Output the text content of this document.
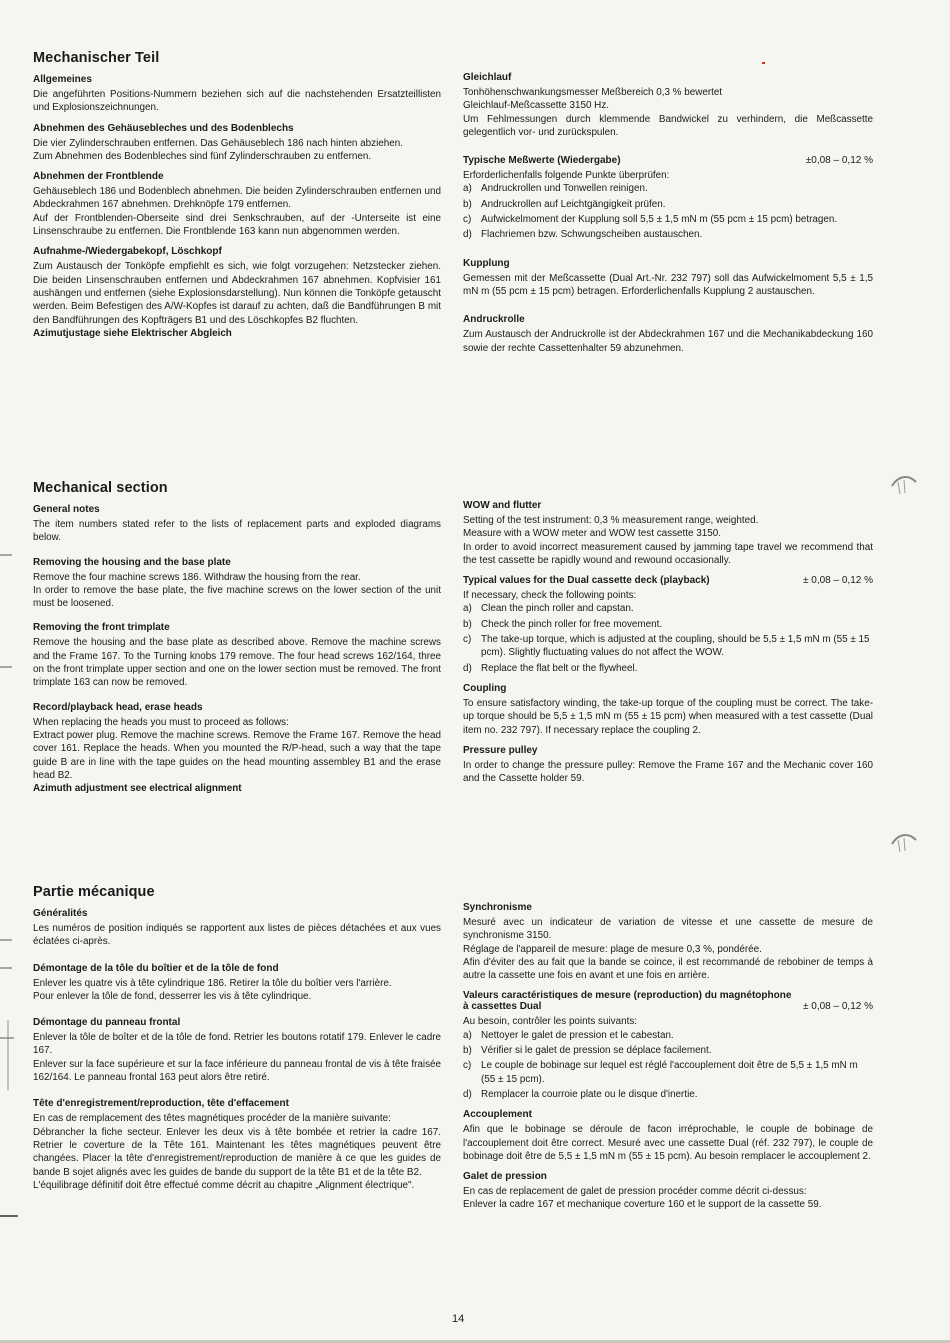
Mechanischer Teil
Allgemeines

Die angeführten Positions-Nummern beziehen sich auf die nachstehenden Ersatzteillisten und Explosionszeichnungen.

Abnehmen des Gehäusebleches und des Bodenblechs

Die vier Zylinderschrauben entfernen. Das Gehäuseblech 186 nach hinten abziehen.
Zum Abnehmen des Bodenbleches sind fünf Zylinderschrauben zu entfernen.

Abnehmen der Frontblende

Gehäuseblech 186 und Bodenblech abnehmen. Die beiden Zylinderschrauben entfernen und Abdeckrahmen 167 abnehmen. Drehknöpfe 179 entfernen.
Auf der Frontblenden-Oberseite sind drei Senkschrauben, auf der -Unterseite ist eine Linsenschraube zu entfernen. Die Frontblende 163 kann nun abgenommen werden.

Aufnahme-/Wiedergabekopf, Löschkopf

Zum Austausch der Tonköpfe empfiehlt es sich, wie folgt vorzugehen: Netzstecker ziehen. Die beiden Linsenschrauben entfernen und Abdeckrahmen 167 abnehmen. Kopfvisier 161 aushängen und entfernen (siehe Explosionsdarstellung). Nun können die Tonköpfe getauscht werden. Beim Befestigen des A/W-Kopfes ist darauf zu achten, daß die Bandführungen B mit den Bandführungen des Kopfträgers B1 und des Löschkopfes B2 fluchten.

Azimutjustage siehe Elektrischer Abgleich

Gleichlauf

Tonhöhenschwankungsmesser Meßbereich 0,3 % bewertet
Gleichlauf-Meßcassette 3150 Hz.
Um Fehlmessungen durch klemmende Bandwickel zu verhindern, die Meßcassette gelegentlich vor- und zurückspulen.

Typische Meßwerte (Wiedergabe)	±0,08 – 0,12 %

Erforderlichenfalls folgende Punkte überprüfen:

a) Andruckrollen und Tonwellen reinigen.
b) Andruckrollen auf Leichtgängigkeit prüfen.
c) Aufwickelmoment der Kupplung soll 5,5 ± 1,5 mN m (55 pcm ± 15 pcm) betragen.
d) Flachriemen bzw. Schwungscheiben austauschen.
Kupplung

Gemessen mit der Meßcassette (Dual Art.-Nr. 232 797) soll das Aufwickelmoment 5,5 ± 1,5 mN m (55 pcm ± 15 pcm) betragen. Erforderlichenfalls Kupplung 2 austauschen.

Andruckrolle

Zum Austausch der Andruckrolle ist der Abdeckrahmen 167 und die Mechanikabdeckung 160 sowie der rechte Cassettenhalter 59 abzunehmen.

Mechanical section
General notes

The item numbers stated refer to the lists of replacement parts and exploded diagrams below.

Removing the housing and the base plate

Remove the four machine screws 186. Withdraw the housing from the rear.
In order to remove the base plate, the five machine screws on the lower section of the unit must be loosened.

Removing the front trimplate

Remove the housing and the base plate as described above. Remove the machine screws and the Frame 167. To the Turning knobs 179 remove. The four head screws 162/164, three on the front trimplate upper section and one on the lower section must be removed. The front trimplate 163 can now be removed.

Record/playback head, erase heads

When replacing the heads you must to proceed as follows:
Extract power plug. Remove the machine screws. Remove the Frame 167. Remove the head cover 161. Replace the heads. When you mounted the R/P-head, such a way that the tape guide B are in line with the tape guides on the head mounting assembley B1 and the erase head B2.

Azimuth adjustment see electrical alignment

WOW and flutter

Setting of the test instrument: 0,3 % measurement range, weighted.
Measure with a WOW meter and WOW test cassette 3150.
In order to avoid incorrect measurement caused by jamming tape travel we recommend that the test cassette be rapidly wound and rewound occasionally.

Typical values for the Dual cassette deck (playback)	± 0,08 – 0,12 %

If necessary, check the following points:

a) Clean the pinch roller and capstan.
b) Check the pinch roller for free movement.
c) The take-up torque, which is adjusted at the coupling, should be 5,5 ± 1,5 mN m (55 ± 15 pcm). Slightly fluctuating values do not affect the WOW.
d) Replace the flat belt or the flywheel.
Coupling

To ensure satisfactory winding, the take-up torque of the coupling must be correct. The take-up torque should be 5,5 ± 1,5 mN m (55 ± 15 pcm) when measured with a test cassette (Dual item no. 232 797). If necessary replace the coupling 2.

Pressure pulley

In order to change the pressure pulley: Remove the Frame 167 and the Mechanic cover 160 and the Cassette holder 59.

Partie mécanique
Généralités

Les numéros de position indiqués se rapportent aux listes de pièces détachées et aux vues éclatées ci-après.

Démontage de la tôle du boîtier et de la tôle de fond

Enlever les quatre vis à tête cylindrique 186. Retirer la tôle du boîtier vers l'arrière.
Pour enlever la tôle de fond, desserrer les vis à tête cylindrique.

Démontage du panneau frontal

Enlever la tôle de boîter et de la tôle de fond. Retrier les boutons rotatif 179. Enlever le cadre 167.
Enlever sur la face supérieure et sur la face inférieure du panneau frontal de vis à tête fraisée 162/164. Le panneau frontal 163 peut alors être retiré.

Tête d'enregistrement/reproduction, tête d'effacement

En cas de remplacement des têtes magnétiques procéder de la manière suivante:
Débrancher la fiche secteur. Enlever les deux vis à tête bombée et retrier la cadre 167. Retrier le coverture de la Tête 161. Maintenant les têtes magnétiques peuvent être changées. Placer la tête d'enregistrement/reproduction de manière à ce que les guides de bande B sojet alignés avec les guides de bande du support de la tête B1 et de la tête B2.
L'équilibrage définitif doit être effectué comme décrit au chapitre „Alignment électrique".

Synchronisme

Mesuré avec un indicateur de variation de vitesse et une cassette de mesure de synchronisme 3150.
Réglage de l'appareil de mesure: plage de mesure 0,3 %, pondérée.
Afin d'éviter des au fait que la bande se coince, il est recommandé de rebobiner de temps à autre la cassette une fois en avant et une fois en arrière.

Valeurs caractéristiques de mesure (reproduction) du magnétophone à cassettes Dual	± 0,08 – 0,12 %

Au besoin, contrôler les points suivants:

a) Nettoyer le galet de pression et le cabestan.
b) Vérifier si le galet de pression se déplace facilement.
c) Le couple de bobinage sur lequel est réglé l'accouplement doit être de 5,5 ± 1,5 mN m (55 ± 15 pcm).
d) Remplacer la courroie plate ou le disque d'inertie.
Accouplement

Afin que le bobinage se déroule de facon irréprochable, le couple de bobinage de l'accouplement doit être correct. Mesuré avec une cassette Dual (réf. 232 797), le couple de bobinage doit être de 5,5 ± 1,5 mN m (55 ± 15 pcm). Au besoin remplacer le accouplement 2.

Galet de pression

En cas de replacement de galet de pression procéder comme décrit ci-dessus:
Enlever la cadre 167 et mechanique coverture 160 et le support de la cassette 59.

14
